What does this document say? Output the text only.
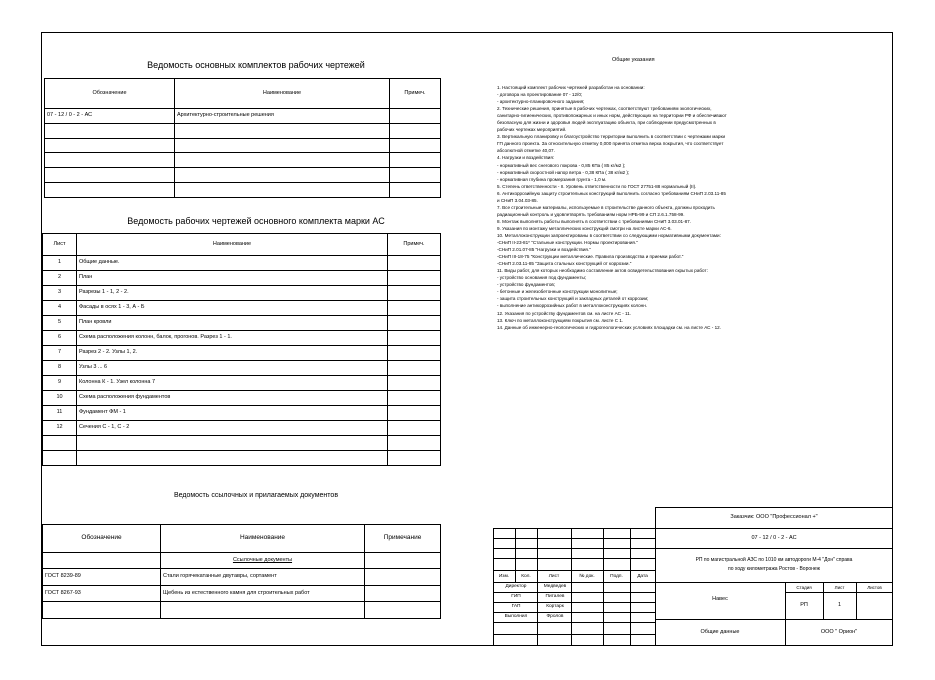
Ведомость основных комплектов рабочих чертежей
Обозначение	Наименование	Примеч.
07 - 12 / 0 - 2 - АС	Архитектурно-строительные решения	

Ведомость рабочих чертежей основного комплекта марки АС
Лист	Наименование	Примеч.
1	Общие данные.	
2	План	
3	Разрезы 1 - 1, 2 - 2.	
4	Фасады в осях 1 - 3, А - Б	
5	План кровли	
6	Схема расположения колонн, балок, прогонов. Разрез 1 - 1.	
7	Разрез 2 - 2. Узлы 1, 2.	
8	Узлы 3 ... 6	
9	Колонна К - 1. Узел колонна 7	
10	Схема расположения фундаментов	
11	Фундамент ФМ - 1	
12	Сечения С - 1, С - 2	

Ведомость ссылочных и прилагаемых документов
Обозначение	Наименование	Примечание
	Ссылочные документы	
ГОСТ 8239-89	Стали горячекатанные двутавры, сортамент	
ГОСТ 8267-93	Щебень из естественного камня для строительных работ	

Общие указания
1. Настоящий комплект рабочих чертежей разработан на основании:
- договора на проектирование 07 - 12/0;
- архитектурно-планировочного задания;
2. Технические решения, принятые в рабочих чертежах, соответствуют требованиям экологических,
санитарно-гигиенических, противопожарных и иных норм, действующих на территории РФ и обеспечивают
безопасную для жизни и здоровья людей эксплуатацию объекта, при соблюдении предусмотренных в
рабочих чертежах мероприятий.
3. Вертикальную планировку и благоустройство территории выполнить в соответствии с чертежами марки
ГП данного проекта. За относительную отметку 0,000 принята отметка верха покрытия, что соответствует
абсолютной отметке 40,07.
4. Нагрузки и воздействия:
- нормативный вес снегового покрова - 0,85 КПа ( 85 кг/м2 );
- нормативный скоростной напор ветра - 0,38 КПа ( 38 кг/м2 );
- нормативная глубина промерзания грунта - 1,0 м.
5. Степень ответственности - II. Уровень ответственности по ГОСТ 27751-88 нормальный (II).
6. Антикоррозийную защиту строительных конструкций выполнить согласно требованиям СНиП 2.03.11-85
и СНиП 3.04.03-85.
7. Все строительные материалы, используемые в строительстве данного объекта, должны проходить
радиационный контроль и удовлетворять требованиям норм НРБ-99 и СП 2.6.1.758-99.
8. Монтаж выполнять работы выполнять в соответствии с требованиями СНиП 3.03.01-87.
9. Указания по монтажу металлических конструкций смотри на листе марки АС-6.
10. Металлоконструкции запроектированы в соответствии со следующими нормативными документами:
-СНиП II-23-81* "Стальные конструкции. Нормы проектирования."
-СНиП 2.01.07-85 "Нагрузки и воздействия."
-СНиП III-18-75 "Конструкции металлические. Правила производства и приемки работ."
-СНиП 2.03.11-85 "Защита стальных конструкций от коррозии."
11. Виды работ, для которых необходимо составление актов освидетельствования скрытых работ:
- устройство основания под фундаменты;
- устройство фундаментов;
- бетонные и железобетонные конструкции монолитные;
- защита строительных конструкций и закладных деталей от коррозии;
- выполнение антикоррозийных работ в металлоконструкциях колонн.
12. Указания по устройству фундаментов см. на листе АС - 11.
13. Ключ по металлоконструкциям покрытия см. листе С 1.
14. Данные об инженерно-геологических и гидрогеологических условиях площадки см. на листе АС - 12.
Изм.	Кол.	Лист	№ док.	Подп.	Дата
Директор	Медведев
ГИП	Питалев
ГАП	Кортарк
Выполнил	Фролов
Заказчик: ООО "Профессионал +"
07 - 12 / 0 - 2 - АС
РП по магистральной АЗС по 1010 км автодороги М-4 "Дон" справа
по ходу километража Ростов - Воронеж
Навес
Стадия	Лист	Листов
РП	1
Общие данные	ООО " Орион"
